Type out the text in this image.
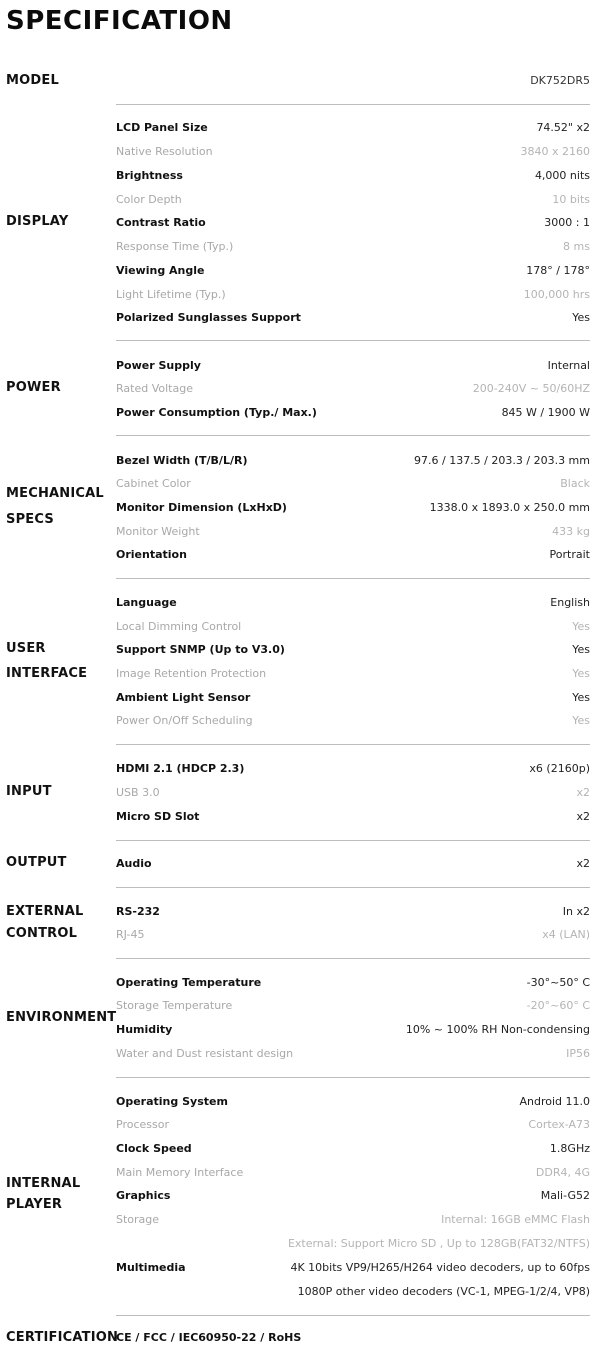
SPECIFICATION
MODEL	DK752DR5
DISPLAY
LCD Panel Size	74.52" x2
Native Resolution	3840 x 2160
Brightness	4,000 nits
Color Depth	10 bits
Contrast Ratio	3000 : 1
Response Time (Typ.)	8 ms
Viewing Angle	178° / 178°
Light Lifetime (Typ.)	100,000 hrs
Polarized Sunglasses Support	Yes
POWER
Power Supply	Internal
Rated Voltage	200-240V ~ 50/60HZ
Power Consumption (Typ./ Max.)	845 W / 1900 W
MECHANICAL
SPECS
Bezel Width (T/B/L/R)	97.6 / 137.5 / 203.3 / 203.3 mm
Cabinet Color	Black
Monitor Dimension (LxHxD)	1338.0 x 1893.0 x 250.0 mm
Monitor Weight	433 kg
Orientation	Portrait
USER
INTERFACE
Language	English
Local Dimming Control	Yes
Support SNMP (Up to V3.0)	Yes
Image Retention Protection	Yes
Ambient Light Sensor	Yes
Power On/Off Scheduling	Yes
INPUT
HDMI 2.1 (HDCP 2.3)	x6 (2160p)
USB 3.0	x2
Micro SD Slot	x2
OUTPUT	Audio	x2
EXTERNAL
CONTROL
RS-232	In x2
RJ-45	x4 (LAN)
ENVIRONMENT
Operating Temperature	-30°~50° C
Storage Temperature	-20°~60° C
Humidity	10% ~ 100% RH Non-condensing
Water and Dust resistant design	IP56
INTERNAL
PLAYER
Operating System	Android 11.0
Processor	Cortex-A73
Clock Speed	1.8GHz
Main Memory Interface	DDR4, 4G
Graphics	Mali-G52
Storage	Internal: 16GB eMMC Flash
External: Support Micro SD , Up to 128GB(FAT32/NTFS)
Multimedia	4K 10bits VP9/H265/H264 video decoders, up to 60fps
1080P other video decoders (VC-1, MPEG-1/2/4, VP8)
CERTIFICATION
CE / FCC / IEC60950-22 / RoHS
